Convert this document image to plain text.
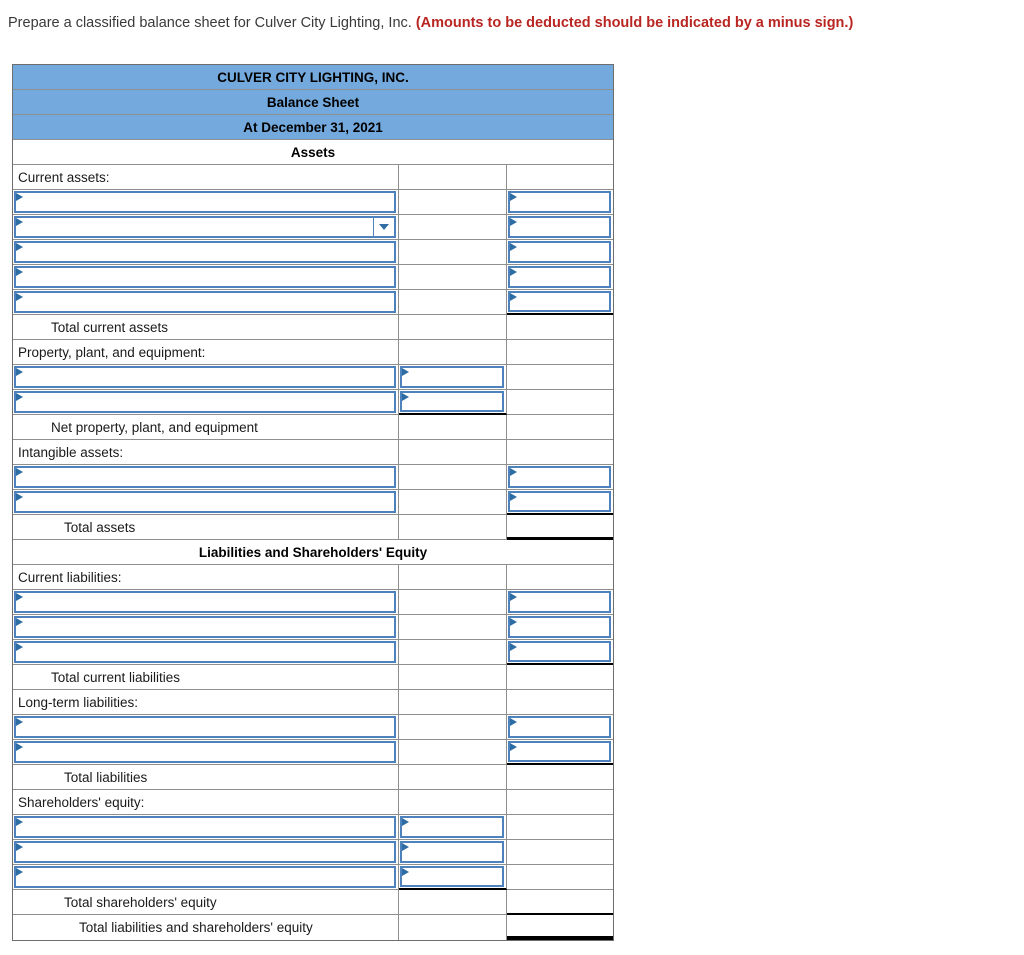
Prepare a classified balance sheet for Culver City Lighting, Inc. (Amounts to be deducted should be indicated by a minus sign.)
CULVER CITY LIGHTING, INC.
Balance Sheet
At December 31, 2021
Assets
Current assets:
Total current assets
Property, plant, and equipment:
Net property, plant, and equipment
Intangible assets:
Total assets
Liabilities and Shareholders' Equity
Current liabilities:
Total current liabilities
Long-term liabilities:
Total liabilities
Shareholders' equity:
Total shareholders' equity
Total liabilities and shareholders' equity
